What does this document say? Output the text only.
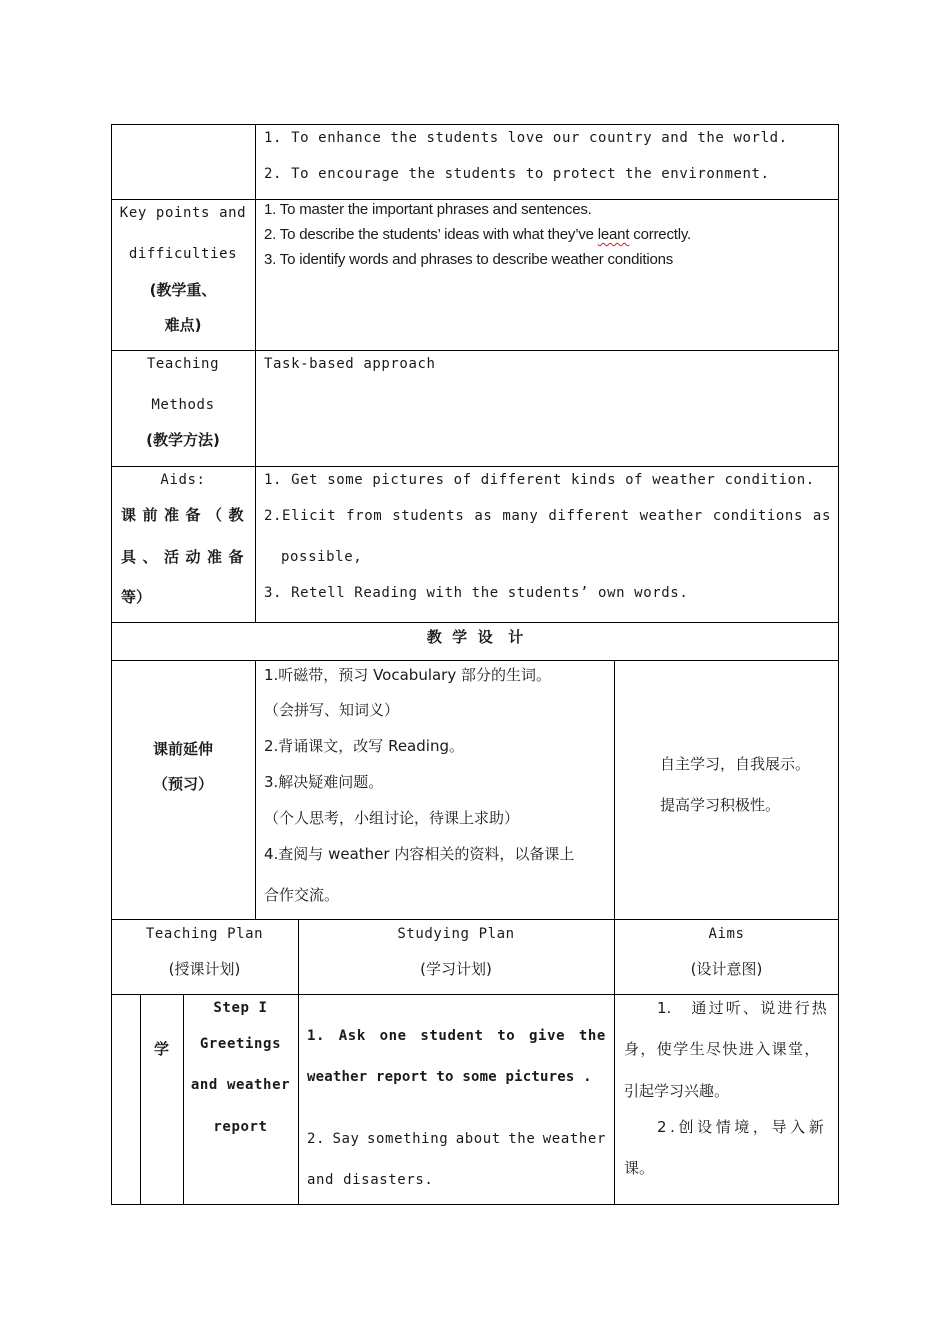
1. To enhance the students love our country and the world.
2. To encourage the students to protect the environment.
Key points and
difficulties
(教学重、
难点)
1. To master the important phrases and sentences.
2. To describe the students’ ideas with what they’ve leant correctly.
3. To identify words and phrases to describe weather conditions
Teaching
Methods
(教学方法)
Task-based approach
Aids:
课前准备（教
具、活动准备
等）
1. Get some pictures of different kinds of weather condition.
2.Elicit from students as many different weather conditions as
possible,
3. Retell Reading with the students’ own words.
教  学  设   计
课前延伸
（预习）
1.听磁带，预习 Vocabulary 部分的生词。
（会拼写、知词义）
2.背诵课文，改写 Reading。
3.解决疑难问题。
（个人思考，小组讨论，待课上求助）
4.查阅与 weather 内容相关的资料，以备课上
合作交流。
自主学习，自我展示。
提高学习积极性。
Teaching Plan
(授课计划)
Studying Plan
(学习计划)
Aims
(设计意图)
学
Step I
Greetings
and weather
report
1. Ask one student to give the
weather report to some pictures .
2. Say something about the weather
and disasters.
1. 通过听、说进行热
身，使学生尽快进入课堂，
引起学习兴趣。
2.创设情境，导入新
课。
